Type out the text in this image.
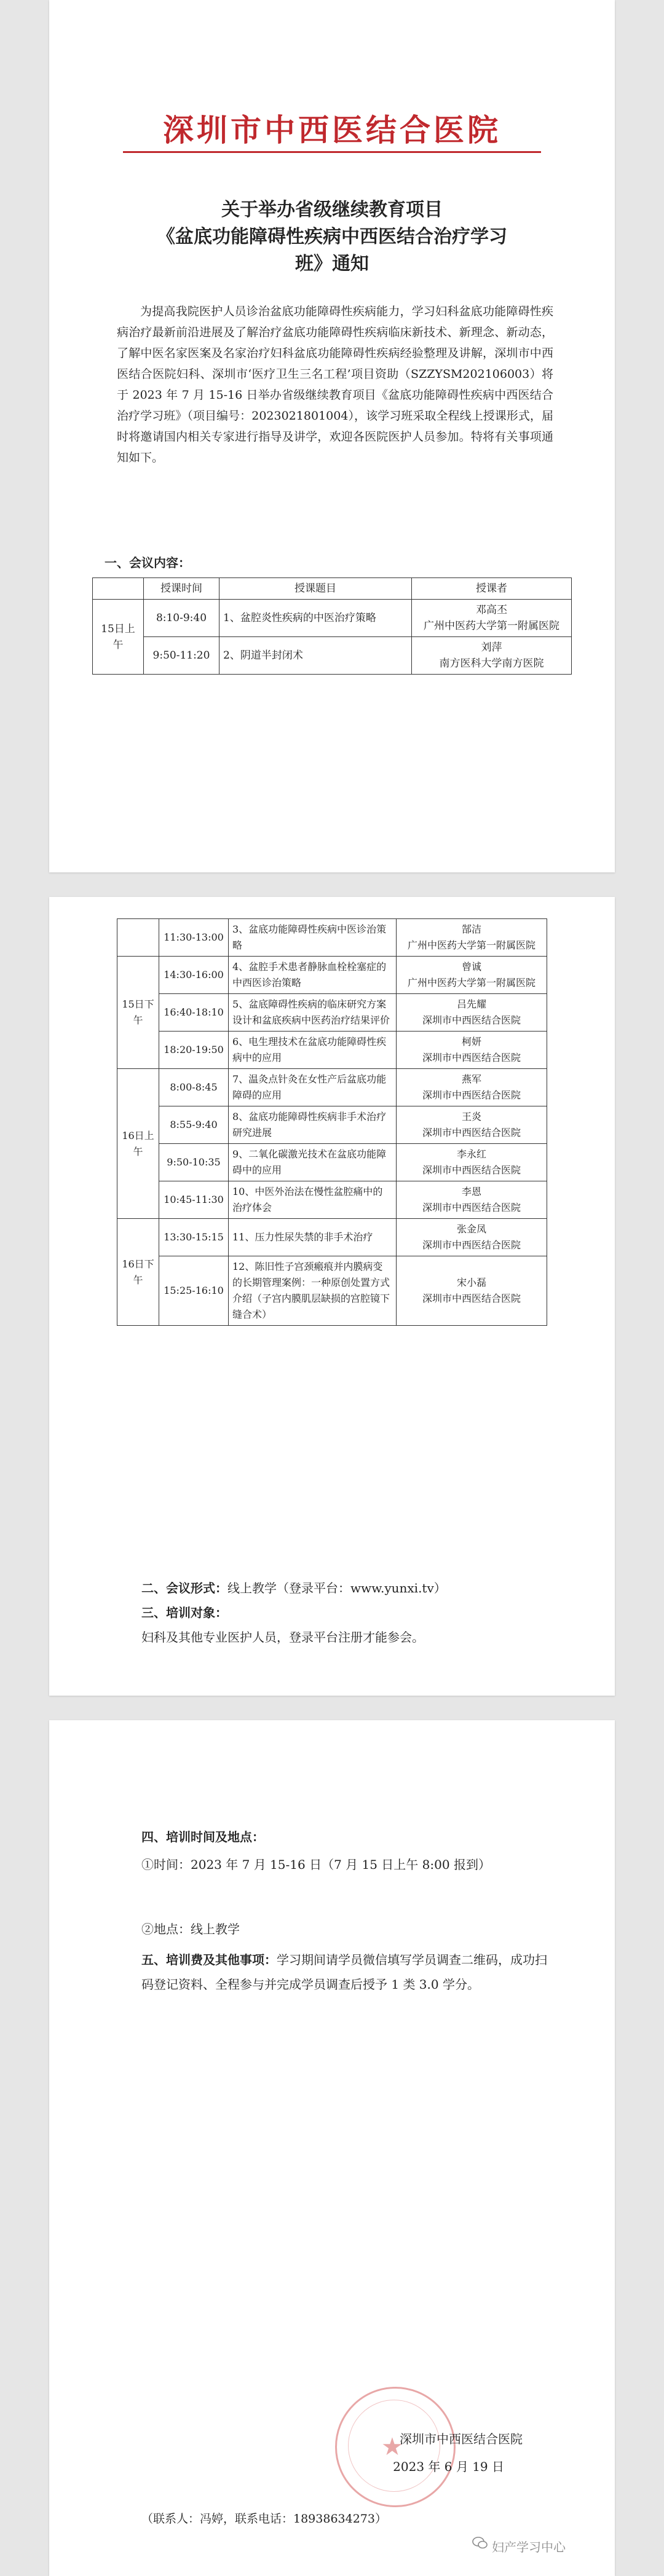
深圳市中西医结合医院
关于举办省级继续教育项目
《盆底功能障碍性疾病中西医结合治疗学习
班》通知
为提高我院医护人员诊治盆底功能障碍性疾病能力，学习妇科盆底功能障碍性疾病治疗最新前沿进展及了解治疗盆底功能障碍性疾病临床新技术、新理念、新动态，了解中医名家医案及名家治疗妇科盆底功能障碍性疾病经验整理及讲解，深圳市中西医结合医院妇科、深圳市‘医疗卫生三名工程’项目资助（SZZYSM202106003）将于 2023 年 7 月 15-16 日举办省级继续教育项目《盆底功能障碍性疾病中西医结合治疗学习班》（项目编号：2023021801004），该学习班采取全程线上授课形式，届时将邀请国内相关专家进行指导及讲学，欢迎各医院医护人员参加。特将有关事项通知如下。
一、会议内容：
	授课时间	授课题目	授课者
15日上午	8:10-9:40	1、盆腔炎性疾病的中医治疗策略	邓高丕
广州中医药大学第一附属医院

	9:50-11:20	2、阴道半封闭术	刘萍
南方医科大学南方医院
	11:30-13:00	3、盆底功能障碍性疾病中医诊治策略	郜洁
广州中医药大学第一附属医院

15日下午	14:30-16:00	4、盆腔手术患者静脉血栓栓塞症的中西医诊治策略	曾诚
广州中医药大学第一附属医院

	16:40-18:10	5、盆底障碍性疾病的临床研究方案设计和盆底疾病中医药治疗结果评价	吕先耀
深圳市中西医结合医院

	18:20-19:50	6、电生理技术在盆底功能障碍性疾病中的应用	柯妍
深圳市中西医结合医院

16日上午	8:00-8:45	7、温灸点针灸在女性产后盆底功能障碍的应用	燕军
深圳市中西医结合医院

	8:55-9:40	8、盆底功能障碍性疾病非手术治疗研究进展	王炎
深圳市中西医结合医院

	9:50-10:35	9、二氧化碳激光技术在盆底功能障碍中的应用	李永红
深圳市中西医结合医院

	10:45-11:30	10、中医外治法在慢性盆腔痛中的治疗体会	李恩
深圳市中西医结合医院

16日下午	13:30-15:15	11、压力性尿失禁的非手术治疗	张金凤
深圳市中西医结合医院

	15:25-16:10	12、陈旧性子宫颈瘢痕并内膜病变的长期管理案例：一种原创处置方式介绍（子宫内膜肌层缺损的宫腔镜下缝合术）	宋小磊
深圳市中西医结合医院
二、会议形式：线上教学（登录平台：www.yunxi.tv）
三、培训对象：
妇科及其他专业医护人员，登录平台注册才能参会。
四、培训时间及地点：
①时间：2023 年 7 月 15-16 日（7 月 15 日上午 8:00 报到）
②地点：线上教学
五、培训费及其他事项：学习期间请学员微信填写学员调查二维码，成功扫码登记资料、全程参与并完成学员调查后授予 1 类 3.0 学分。
★
深圳市中西医结合医院
2023 年 6 月 19 日
（联系人：冯婷，联系电话：18938634273）
妇产学习中心
